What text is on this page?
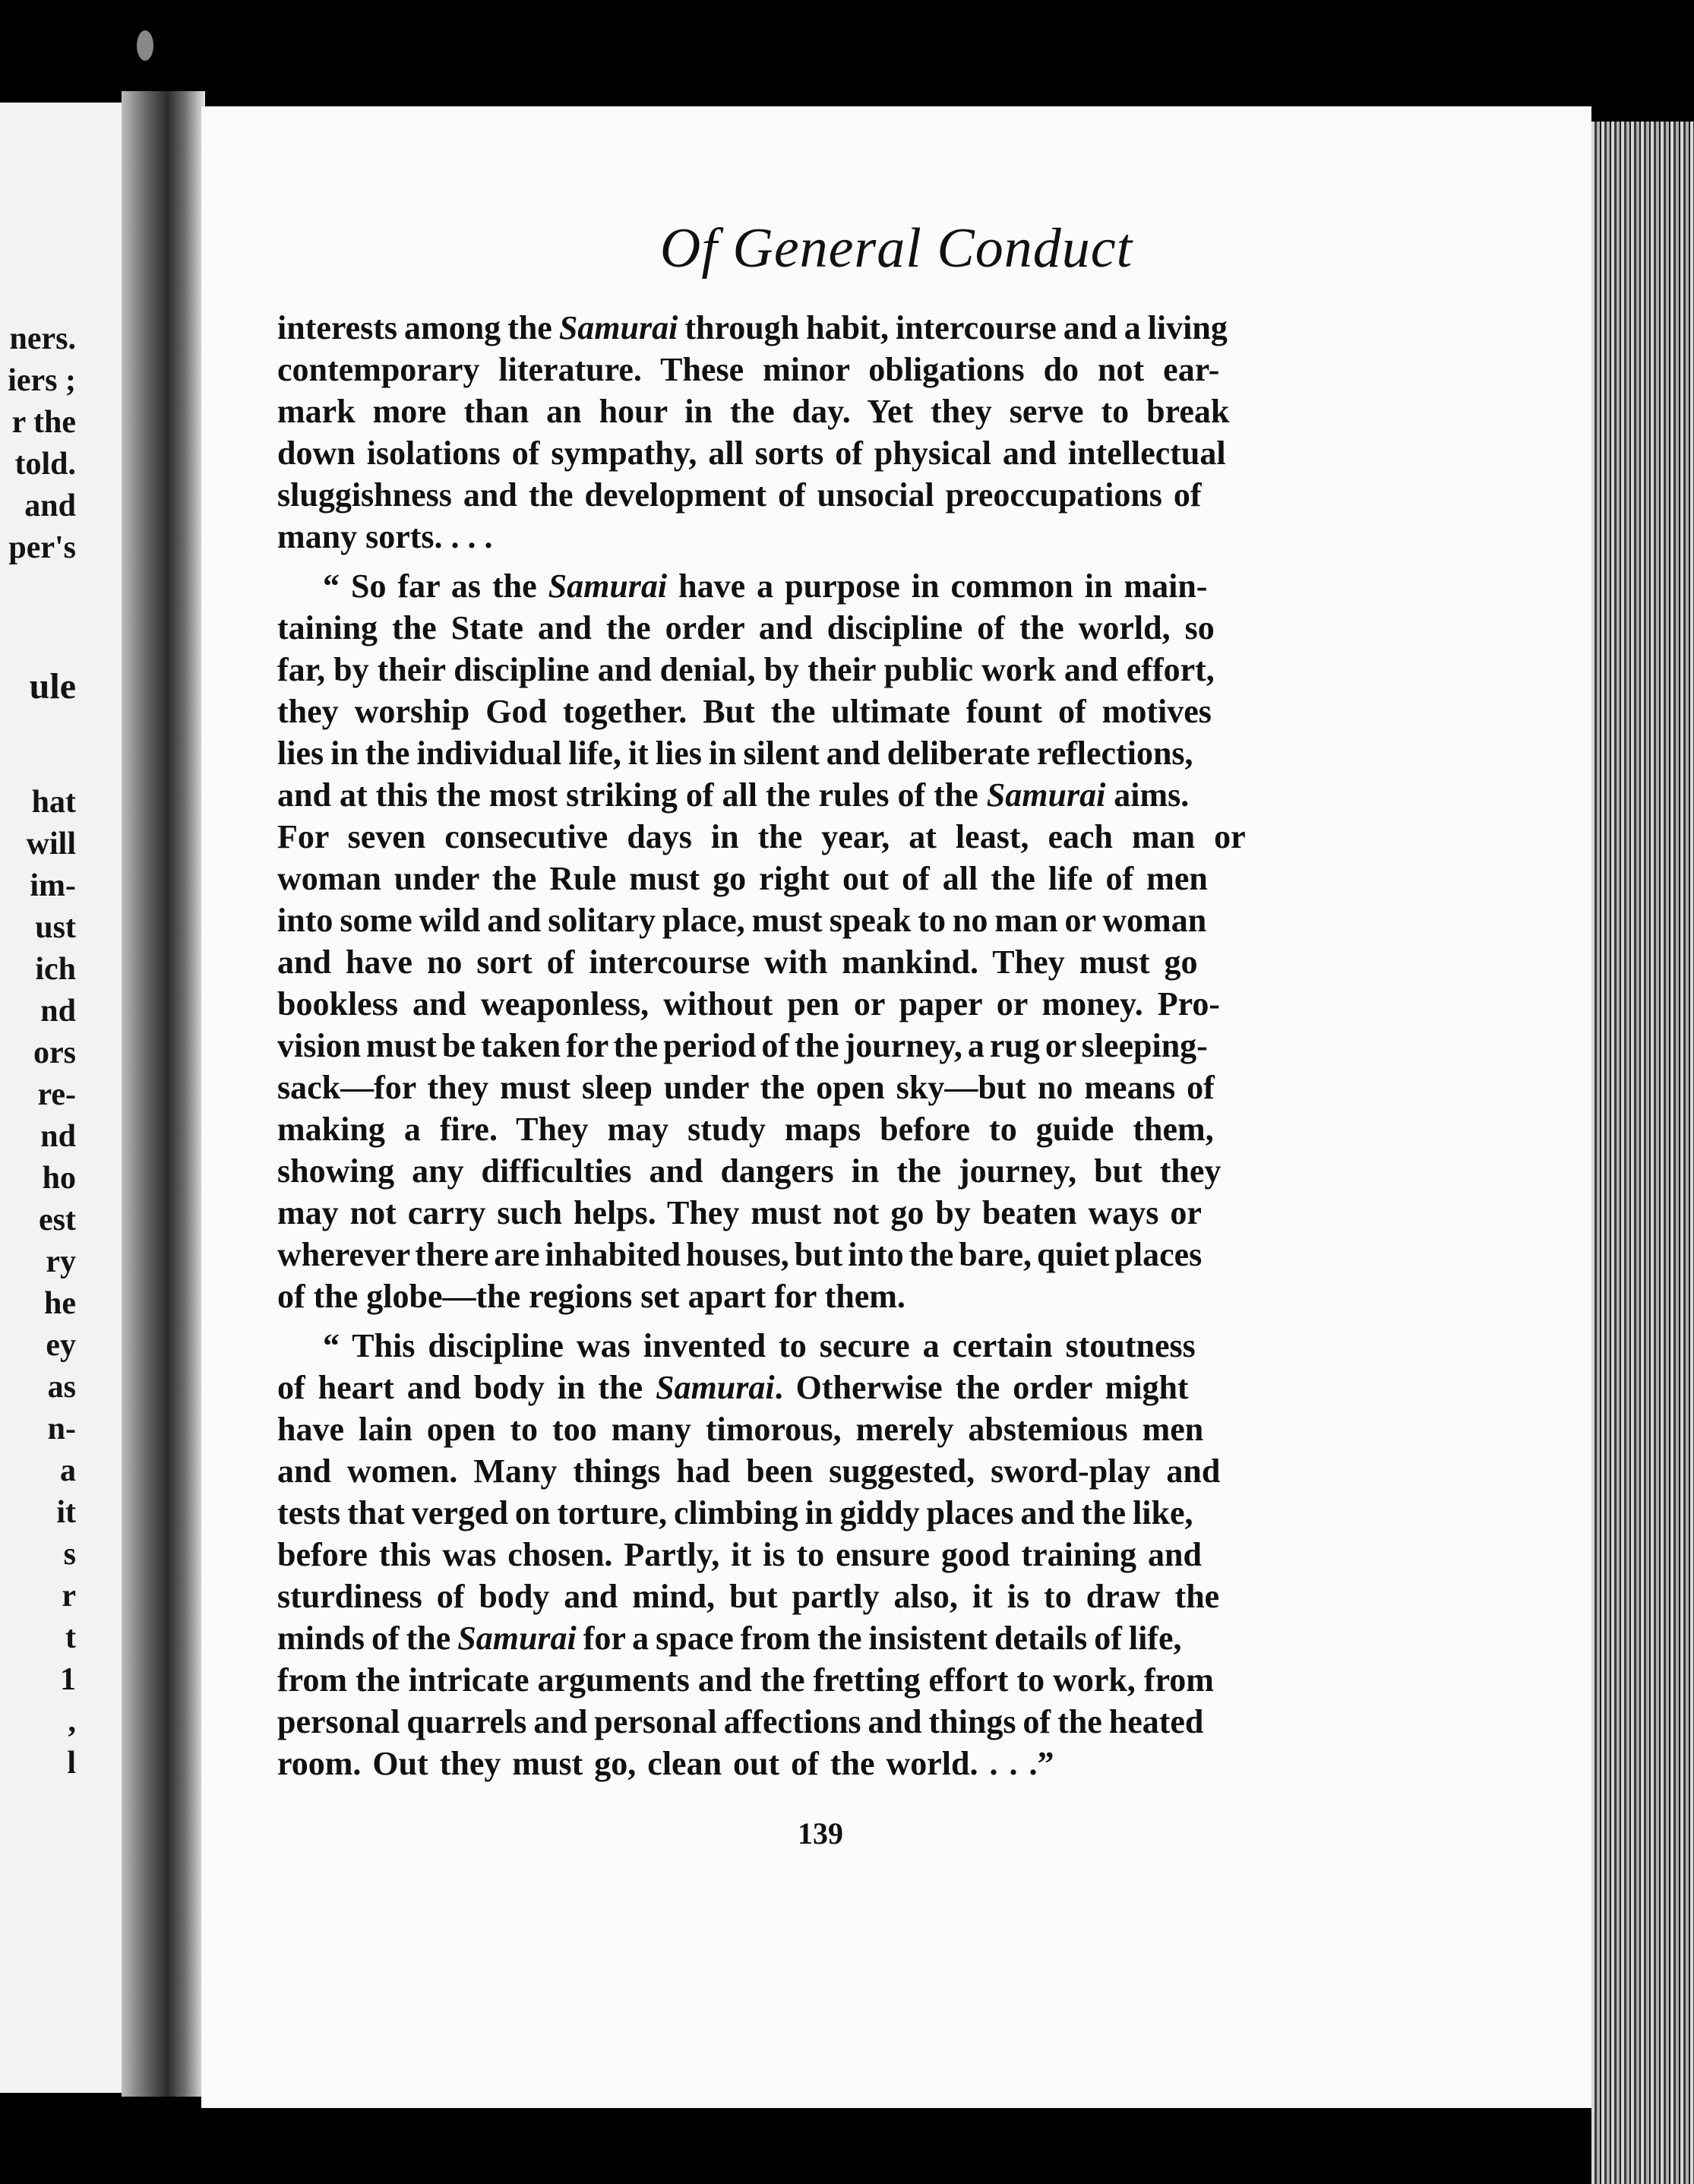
ners.
iers ;
r the
told.
and
per's
ule
hat
will
im-
ust
ich
nd
ors
re-
nd
ho
est
ry
he
ey
as
n-
a
it
s
r
t
1
,
l
Of General Conduct
interests among the Samurai through habit, intercourse and a living
contemporary literature. These minor obligations do not ear-
mark more than an hour in the day. Yet they serve to break
down isolations of sympathy, all sorts of physical and intellectual
sluggishness and the development of unsocial preoccupations of
many sorts. . . .
“ So far as the Samurai have a purpose in common in main-
taining the State and the order and discipline of the world, so
far, by their discipline and denial, by their public work and effort,
they worship God together. But the ultimate fount of motives
lies in the individual life, it lies in silent and deliberate reflections,
and at this the most striking of all the rules of the Samurai aims.
For seven consecutive days in the year, at least, each man or
woman under the Rule must go right out of all the life of men
into some wild and solitary place, must speak to no man or woman
and have no sort of intercourse with mankind. They must go
bookless and weaponless, without pen or paper or money. Pro-
vision must be taken for the period of the journey, a rug or sleeping-
sack—for they must sleep under the open sky—but no means of
making a fire. They may study maps before to guide them,
showing any difficulties and dangers in the journey, but they
may not carry such helps. They must not go by beaten ways or
wherever there are inhabited houses, but into the bare, quiet places
of the globe—the regions set apart for them.
“ This discipline was invented to secure a certain stoutness
of heart and body in the Samurai. Otherwise the order might
have lain open to too many timorous, merely abstemious men
and women. Many things had been suggested, sword-play and
tests that verged on torture, climbing in giddy places and the like,
before this was chosen. Partly, it is to ensure good training and
sturdiness of body and mind, but partly also, it is to draw the
minds of the Samurai for a space from the insistent details of life,
from the intricate arguments and the fretting effort to work, from
personal quarrels and personal affections and things of the heated
room. Out they must go, clean out of the world. . . .”
139
